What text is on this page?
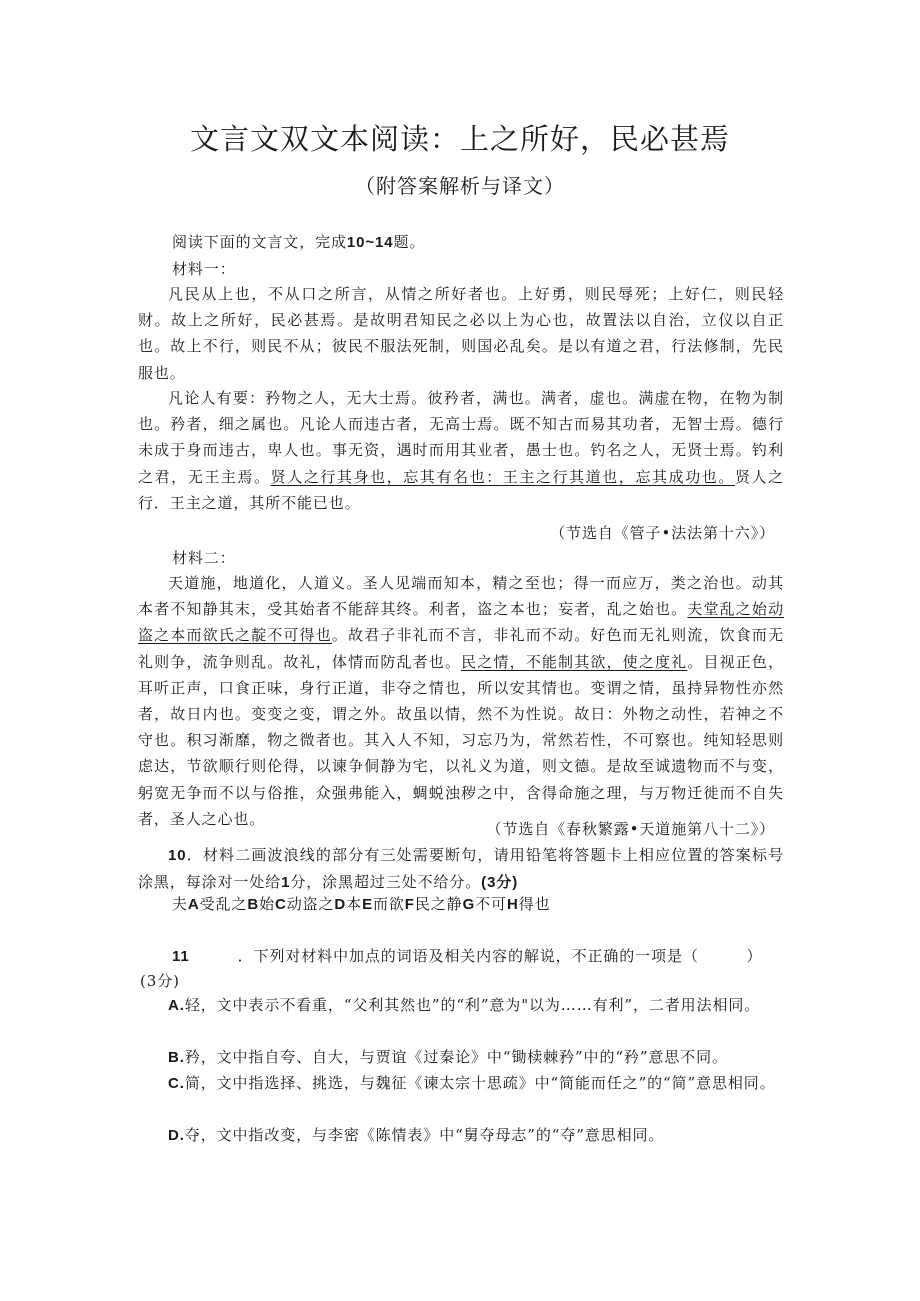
文言文双文本阅读：上之所好，民必甚焉
（附答案解析与译文）
阅读下面的文言文，完成10~14题。
材料一：

凡民从上也，不从口之所言，从情之所好者也。上好勇，则民辱死；上好仁，则民轻财。故上之所好，民必甚焉。是故明君知民之必以上为心也，故置法以自治，立仪以自正也。故上不行，则民不从；彼民不服法死制，则国必乱矣。是以有道之君，行法修制，先民服也。

凡论人有要：矜物之人，无大士焉。彼矜者，满也。满者，虚也。满虚在物，在物为制也。矜者，细之属也。凡论人而违古者，无高士焉。既不知古而易其功者，无智士焉。德行未成于身而违古，卑人也。事无资，遇时而用其业者，愚士也。钓名之人，无贤士焉。钓利之君，无王主焉。贤人之行其身也，忘其有名也：王主之行其道也，忘其成功也。贤人之行．王主之道，其所不能已也。

（节选自《管子•法法第十六》）
材料二：

天道施，地道化，人道义。圣人见端而知本，精之至也；得一而应万，类之治也。动其本者不知静其末，受其始者不能辞其终。利者，盗之本也；妄者，乱之始也。夫堂乱之始动盗之本而欲氏之靛不可得也。故君子非礼而不言，非礼而不动。好色而无礼则流，饮食而无礼则争，流争则乱。故礼，体情而防乱者也。民之情，不能制其欲，使之度礼。目视正色，耳听正声，口食正味，身行正道，非夺之情也，所以安其情也。变谓之情，虽持异物性亦然者，故日内也。变变之变，谓之外。故虽以情，然不为性说。故日：外物之动性，若神之不守也。积习渐靡，物之微者也。其入人不知，习忘乃为，常然若性，不可察也。纯知轻思则虑达，节欲顺行则伦得，以谏争侗静为宅，以礼义为道，则文德。是故至诚遗物而不与变，躬宽无争而不以与俗推，众强弗能入，蜩蜕浊秽之中，含得命施之理，与万物迁徙而不自失者，圣人之心也。

（节选自《春秋繁露•天道施第八十二》）

10．材料二画波浪线的部分有三处需要断句，请用铅笔将答题卡上相应位置的答案标号涂黑，每涂对一处给1分，涂黑超过三处不给分。(3分)

夫A受乱之B始C动盗之D本E而欲F民之静G不可H得也
11	．下列对材料中加点的词语及相关内容的解说，不正确的一项是（　　　）
(3分)

A.轻，文中表示不看重，“父利其然也”的“利”意为"以为……有利”，二者用法相同。

B.矜，文中指自夸、自大，与贾谊《过秦论》中“锄椟棘矜”中的“矜”意思不同。

C.简，文中指选择、挑选，与魏征《谏太宗十思疏》中“简能而任之”的“简”意思相同。

D.夺，文中指改变，与李密《陈情表》中“舅夺母志”的“夺”意思相同。
